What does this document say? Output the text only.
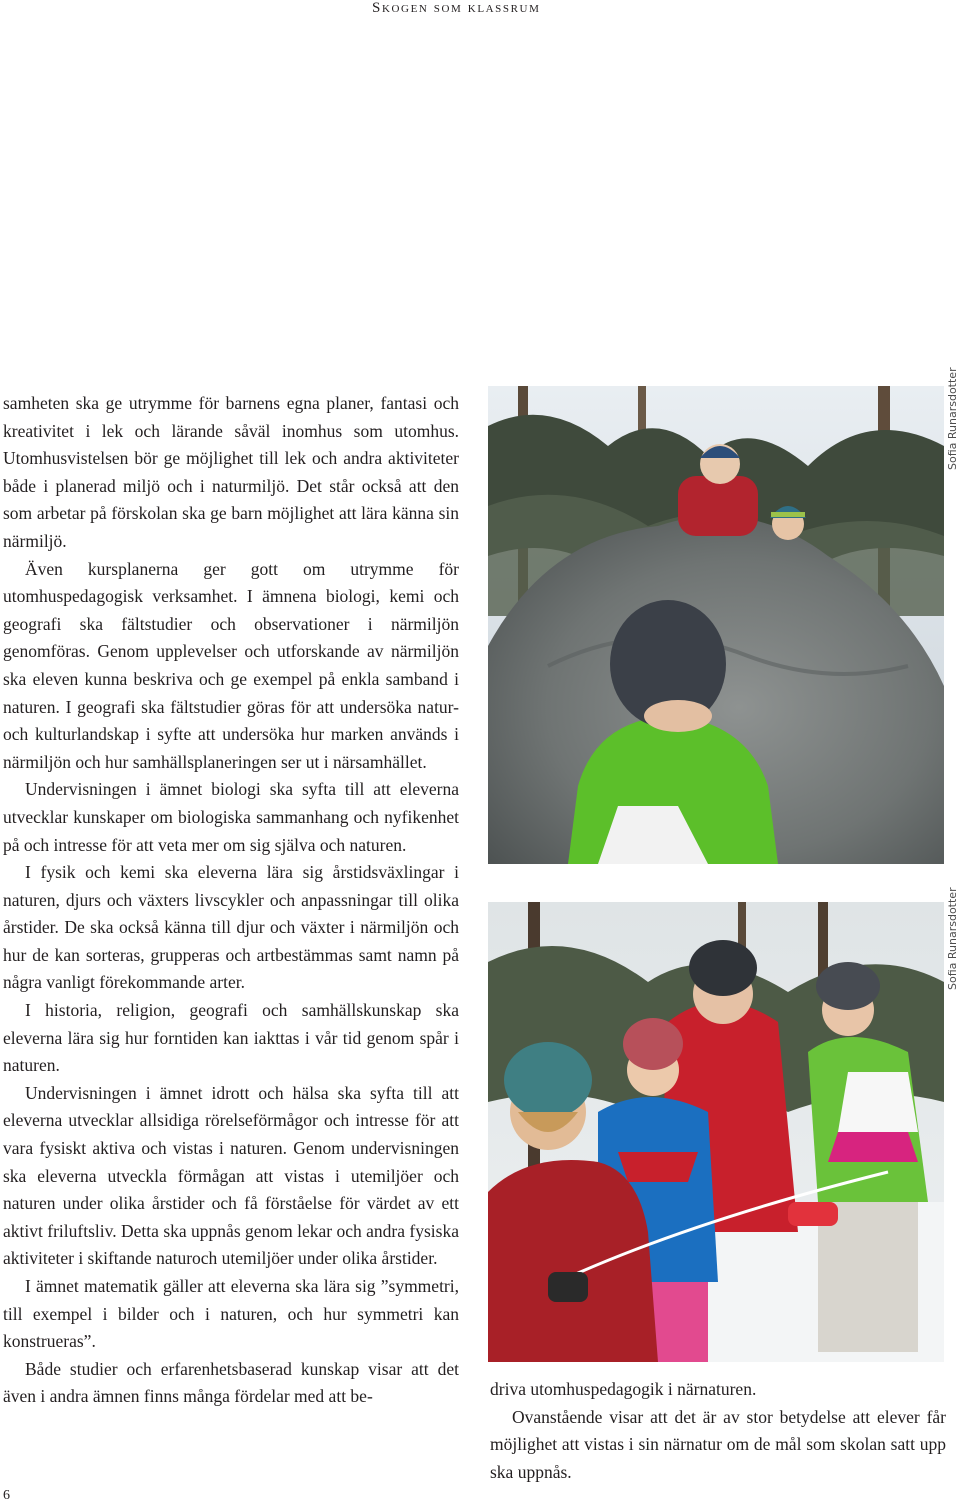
Skogen som klassrum

samheten ska ge utrymme för barnens egna planer, fantasi och kreativitet i lek och lärande såväl inomhus som utomhus. Utomhusvistelsen bör ge möjlighet till lek och andra aktiviteter både i planerad miljö och i naturmiljö. Det står också att den som arbetar på förskolan ska ge barn möjlighet att lära känna sin närmiljö.

Även kursplanerna ger gott om utrymme för utomhuspedagogisk verksamhet. I ämnena biologi, kemi och geografi ska fältstudier och observationer i närmiljön genomföras. Genom upplevelser och utforskande av närmiljön ska eleven kunna beskriva och ge exempel på enkla samband i naturen. I geografi ska fältstudier göras för att undersöka natur- och kulturlandskap i syfte att undersöka hur marken används i närmiljön och hur samhällsplaneringen ser ut i närsamhället.

Undervisningen i ämnet biologi ska syfta till att eleverna utvecklar kunskaper om biologiska sammanhang och nyfikenhet på och intresse för att veta mer om sig själva och naturen.

I fysik och kemi ska eleverna lära sig årstidsväxlingar i naturen, djurs och växters livscykler och anpassningar till olika årstider. De ska också känna till djur och växter i närmiljön och hur de kan sorteras, grupperas och artbestämmas samt namn på några vanligt förekommande arter.

I historia, religion, geografi och samhällskunskap ska eleverna lära sig hur forntiden kan iakttas i vår tid genom spår i naturen.

Undervisningen i ämnet idrott och hälsa ska syfta till att eleverna utvecklar allsidiga rörelseförmågor och intresse för att vara fysiskt aktiva och vistas i naturen. Genom undervisningen ska eleverna utveckla förmågan att vistas i utemiljöer och naturen under olika årstider och få förståelse för värdet av ett aktivt friluftsliv. Detta ska uppnås genom lekar och andra fysiska aktiviteter i skiftande naturoch utemiljöer under olika årstider.

I ämnet matematik gäller att eleverna ska lära sig ”symmetri, till exempel i bilder och i naturen, och hur symmetri kan konstrueras”.

Både studier och erfarenhetsbaserad kunskap visar att det även i andra ämnen finns många fördelar med att be-

Sofia Runarsdotter
Sofia Runarsdotter

driva utomhuspedagogik i närnaturen.

Ovanstående visar att det är av stor betydelse att elever får möjlighet att vistas i sin närnatur om de mål som skolan satt upp ska uppnås.

6
